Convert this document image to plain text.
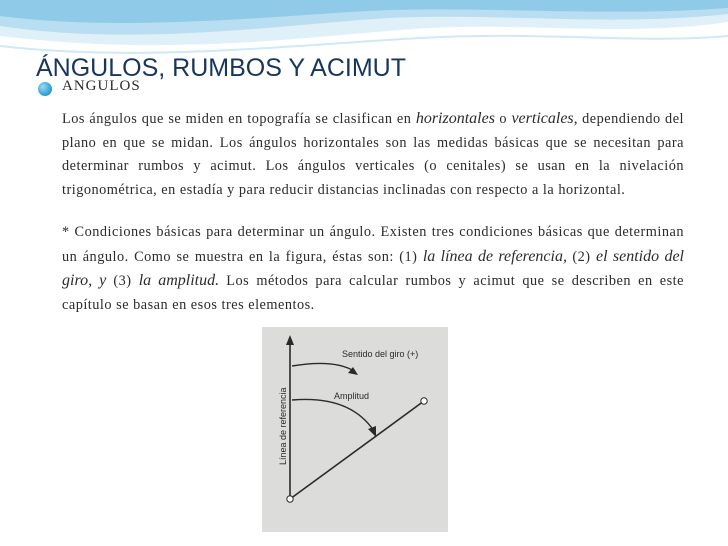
ÁNGULOS, RUMBOS Y ACIMUT
ANGULOS

Los ángulos que se miden en topografía se clasifican en horizontales o verticales, dependiendo del plano en que se midan. Los ángulos horizontales son las medidas básicas que se necesitan para determinar rumbos y acimut. Los ángulos verticales (o cenitales) se usan en la nivelación trigonométrica, en estadía y para reducir distancias inclinadas con respecto a la horizontal.

* Condiciones básicas para determinar un ángulo. Existen tres condiciones básicas que determinan un ángulo. Como se muestra en la figura, éstas son: (1) la línea de referencia, (2) el sentido del giro, y (3) la amplitud. Los métodos para calcular rumbos y acimut que se describen en este capítulo se basan en esos tres elementos.

Sentido del giro (+)
Amplitud
Línea de referencia
